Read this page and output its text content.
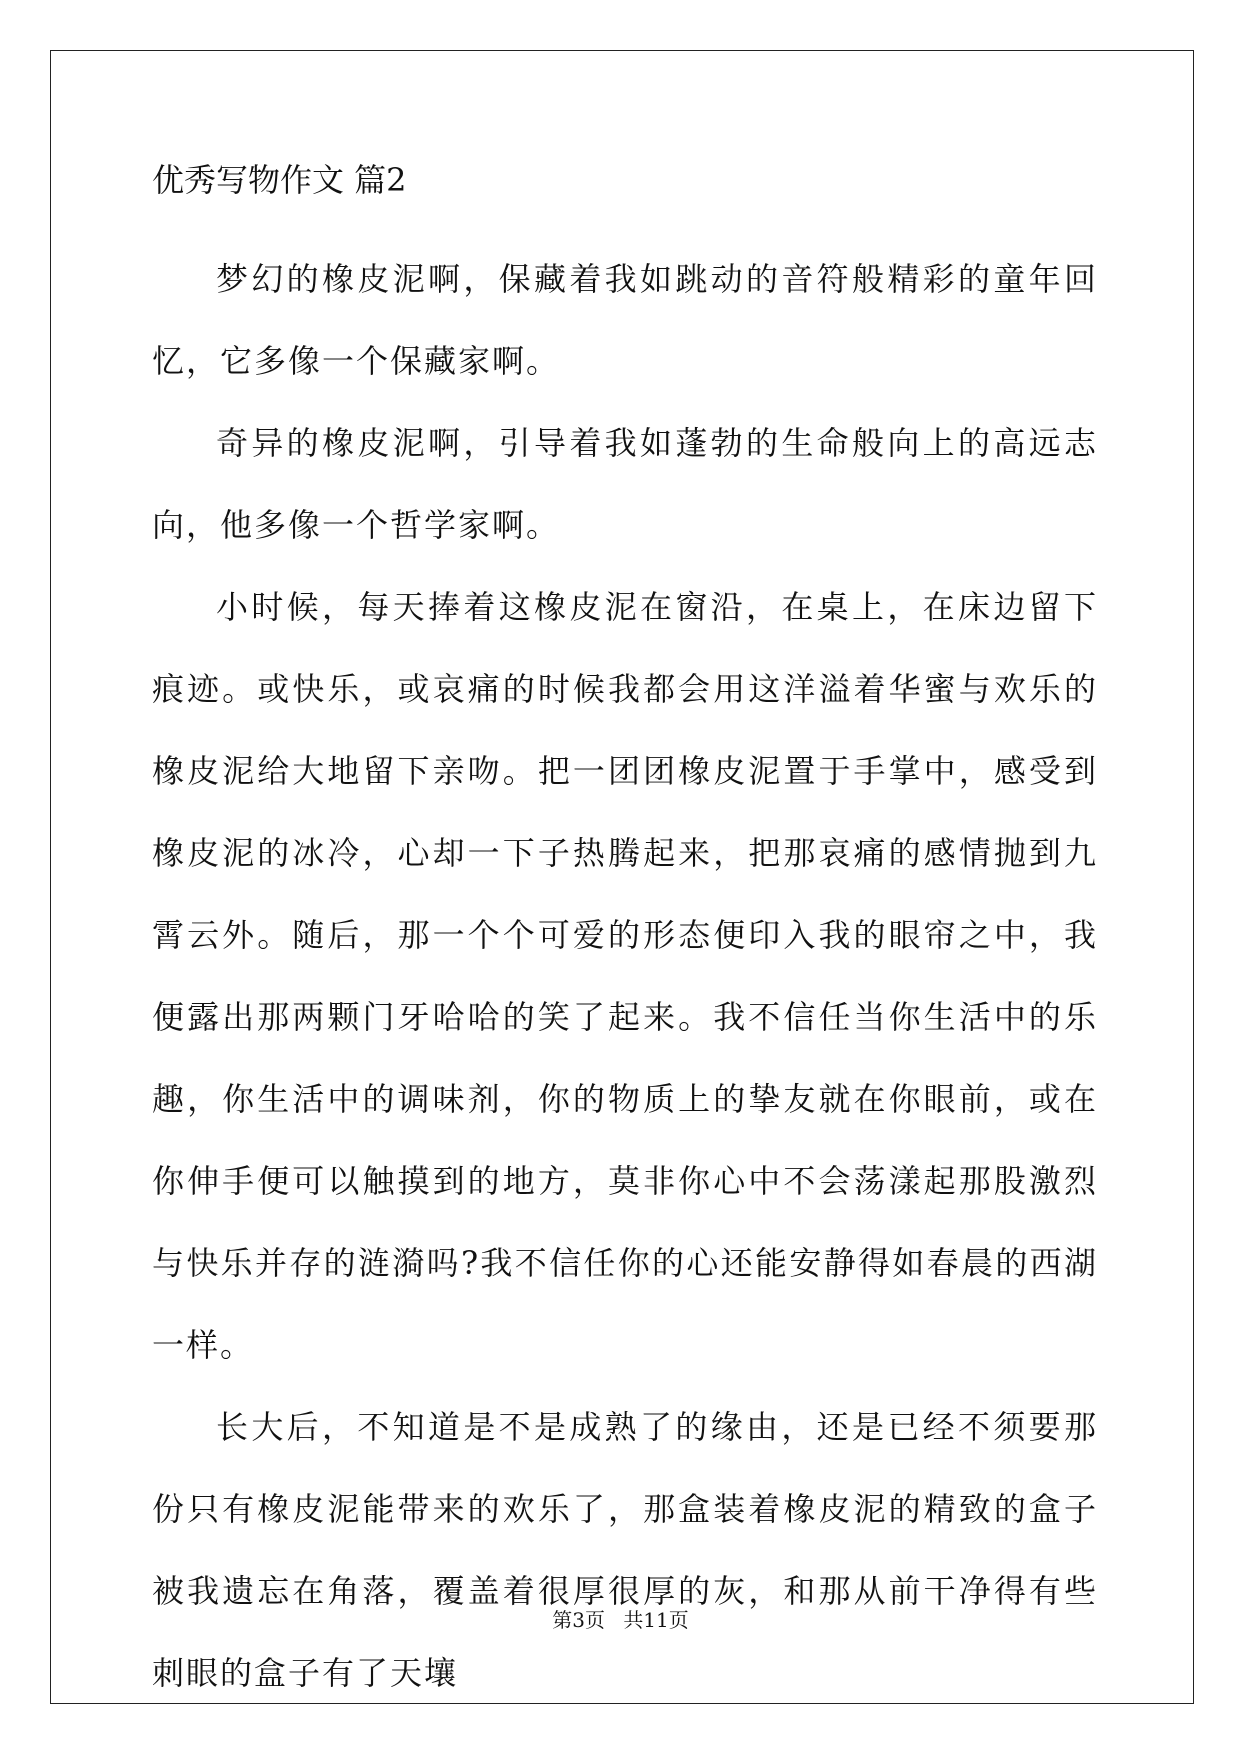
优秀写物作文 篇2

梦幻的橡皮泥啊，保藏着我如跳动的音符般精彩的童年回忆，它多像一个保藏家啊。

奇异的橡皮泥啊，引导着我如蓬勃的生命般向上的高远志向，他多像一个哲学家啊。

小时候，每天捧着这橡皮泥在窗沿，在桌上，在床边留下痕迹。或快乐，或哀痛的时候我都会用这洋溢着华蜜与欢乐的橡皮泥给大地留下亲吻。把一团团橡皮泥置于手掌中，感受到橡皮泥的冰冷，心却一下子热腾起来，把那哀痛的感情抛到九霄云外。随后，那一个个可爱的形态便印入我的眼帘之中，我便露出那两颗门牙哈哈的笑了起来。我不信任当你生活中的乐趣，你生活中的调味剂，你的物质上的挚友就在你眼前，或在你伸手便可以触摸到的地方，莫非你心中不会荡漾起那股激烈与快乐并存的涟漪吗?我不信任你的心还能安静得如春晨的西湖一样。

长大后，不知道是不是成熟了的缘由，还是已经不须要那份只有橡皮泥能带来的欢乐了，那盒装着橡皮泥的精致的盒子被我遗忘在角落，覆盖着很厚很厚的灰，和那从前干净得有些刺眼的盒子有了天壤

第3页 共11页
